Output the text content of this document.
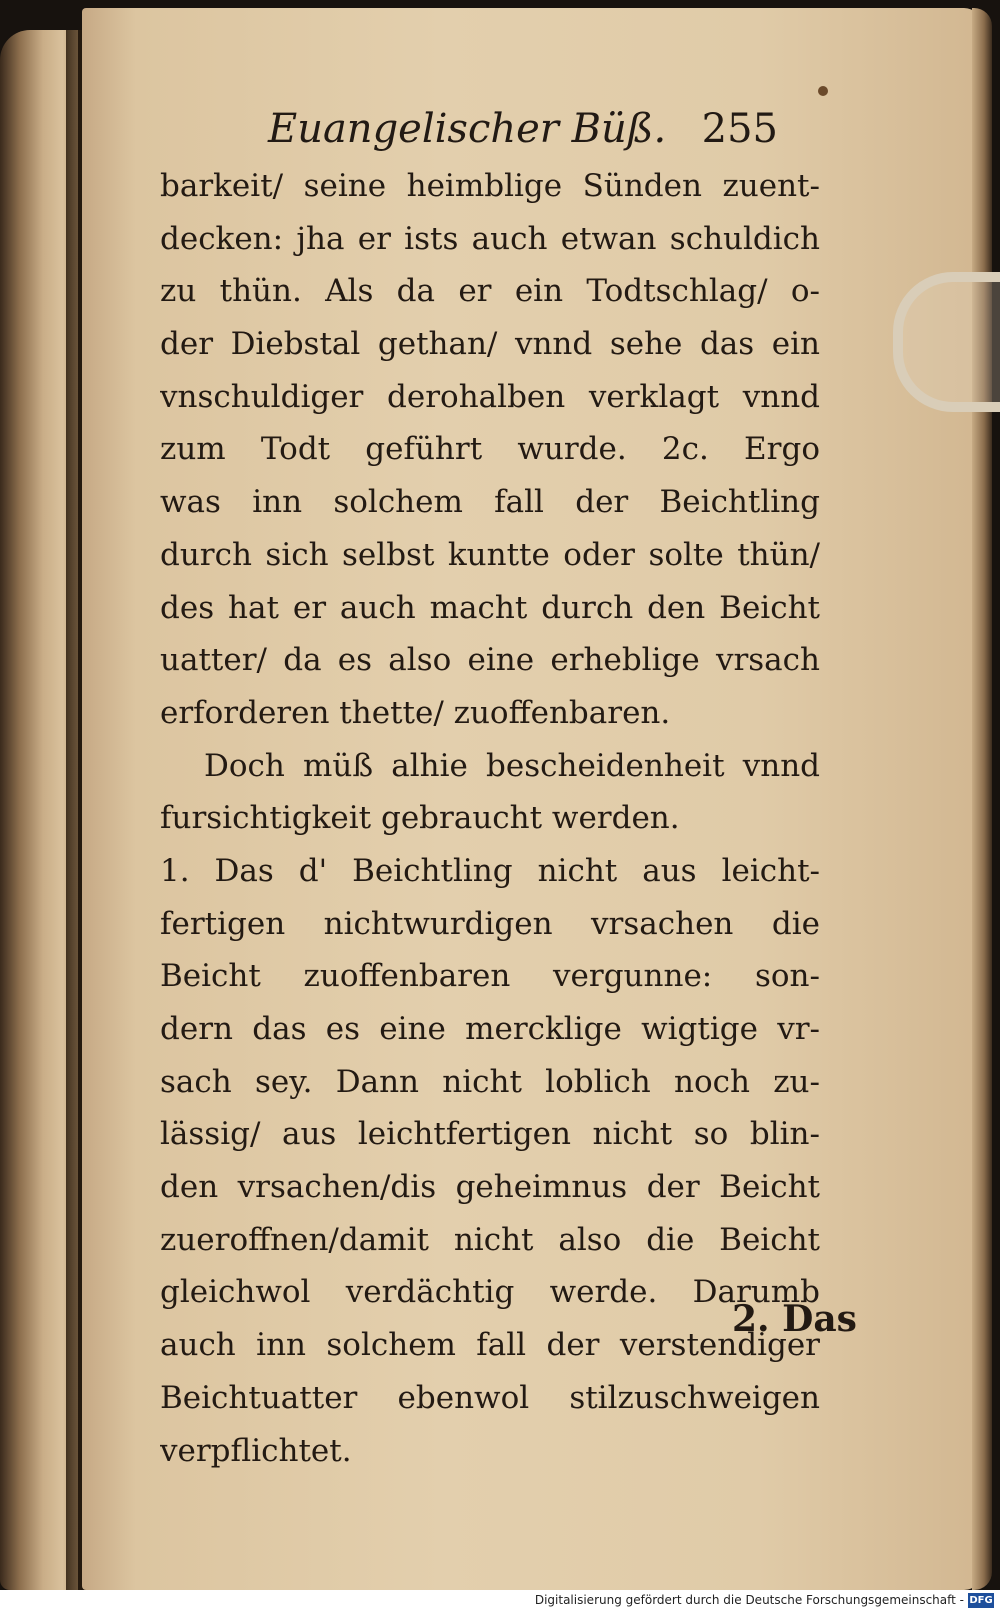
Euangelischer Büß. 255
barkeit/ seine heimblige Sünden zuent-
decken: jha er ists auch etwan schuldich
zu thün. Als da er ein Todtschlag/ o-
der Diebstal gethan/ vnnd sehe das ein
vnschuldiger derohalben verklagt vnnd
zum Todt geführt wurde. 2c. Ergo
was inn solchem fall der Beichtling
durch sich selbst kuntte oder solte thün/
des hat er auch macht durch den Beicht
uatter/ da es also eine erheblige vrsach
erforderen thette/ zuoffenbaren.
Doch müß alhie bescheidenheit vnnd
fursichtigkeit gebraucht werden.
1. Das d' Beichtling nicht aus leicht-
fertigen nichtwurdigen vrsachen die
Beicht zuoffenbaren vergunne: son-
dern das es eine mercklige wigtige vr-
sach sey. Dann nicht loblich noch zu-
lässig/ aus leichtfertigen nicht so blin-
den vrsachen/dis geheimnus der Beicht
zueroffnen/damit nicht also die Beicht
gleichwol verdächtig werde. Darumb
auch inn solchem fall der verstendiger
Beichtuatter ebenwol stilzuschweigen
verpflichtet.
2. Das
Digitalisierung gefördert durch die Deutsche Forschungsgemeinschaft - DFG
